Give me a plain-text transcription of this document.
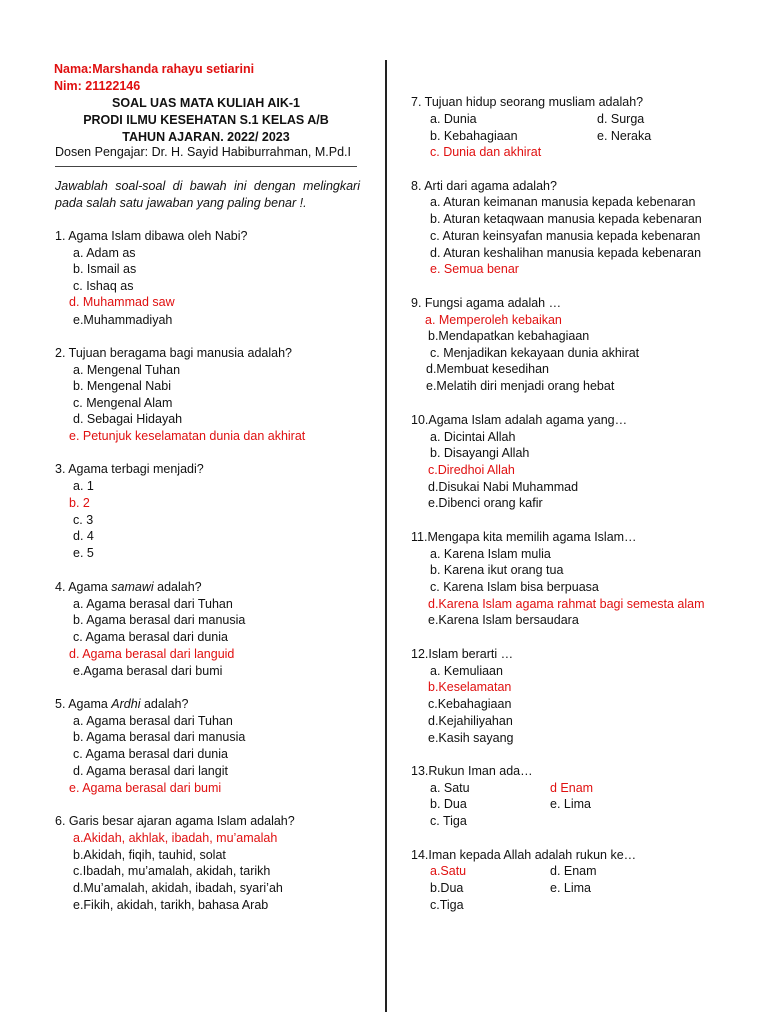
Nama:Marshanda rahayu setiarini
Nim: 21122146
SOAL UAS MATA KULIAH AIK-1
PRODI ILMU KESEHATAN S.1 KELAS A/B
TAHUN AJARAN. 2022/ 2023
Dosen Pengajar: Dr. H. Sayid Habiburrahman, M.Pd.I
Jawablah soal-soal di bawah ini dengan melingkari pada salah satu jawaban yang paling benar !.
1. Agama Islam dibawa oleh Nabi?
a. Adam as
b. Ismail as
c. Ishaq as
d. Muhammad saw
e.Muhammadiyah
2. Tujuan beragama bagi manusia adalah?
a. Mengenal Tuhan
b. Mengenal Nabi
c. Mengenal Alam
d. Sebagai Hidayah
e. Petunjuk keselamatan dunia dan akhirat
3. Agama terbagi menjadi?
a. 1
b. 2
c. 3
d. 4
e. 5
4. Agama samawi adalah?
a. Agama berasal dari Tuhan
b. Agama berasal dari manusia
c. Agama berasal dari dunia
d. Agama berasal dari languid
e.Agama berasal dari bumi
5. Agama Ardhi adalah?
a. Agama berasal dari Tuhan
b. Agama berasal dari manusia
c. Agama berasal dari dunia
d. Agama berasal dari langit
e. Agama berasal dari bumi
6. Garis besar ajaran agama Islam adalah?
a.Akidah, akhlak, ibadah, mu’amalah
b.Akidah, fiqih, tauhid, solat
c.Ibadah, mu’amalah, akidah, tarikh
d.Mu’amalah, akidah, ibadah, syari’ah
e.Fikih, akidah, tarikh, bahasa Arab
7. Tujuan hidup seorang musliam adalah?
a. Dunia	d. Surga
b. Kebahagiaan	e. Neraka
c. Dunia dan akhirat
8. Arti dari agama adalah?
a. Aturan keimanan manusia kepada kebenaran
b. Aturan ketaqwaan manusia kepada kebenaran
c. Aturan keinsyafan manusia kepada kebenaran
d. Aturan keshalihan manusia kepada kebenaran
e. Semua benar
9. Fungsi agama adalah …
a. Memperoleh kebaikan
b.Mendapatkan kebahagiaan
c. Menjadikan kekayaan dunia akhirat
d.Membuat kesedihan
e.Melatih diri menjadi orang hebat
10.Agama Islam adalah agama yang…
a. Dicintai Allah
b. Disayangi Allah
c.Diredhoi Allah
d.Disukai Nabi Muhammad
e.Dibenci orang kafir
11.Mengapa kita memilih agama Islam…
a. Karena Islam mulia
b. Karena ikut orang tua
c. Karena Islam bisa berpuasa
d.Karena Islam agama rahmat bagi semesta alam
e.Karena Islam bersaudara
12.Islam berarti …
a. Kemuliaan
b.Keselamatan
c.Kebahagiaan
d.Kejahiliyahan
e.Kasih sayang
13.Rukun Iman ada…
a. Satu	d Enam
b. Dua	e. Lima
c. Tiga
14.Iman kepada Allah adalah rukun ke…
a.Satu	d. Enam
b.Dua	e. Lima
c.Tiga
